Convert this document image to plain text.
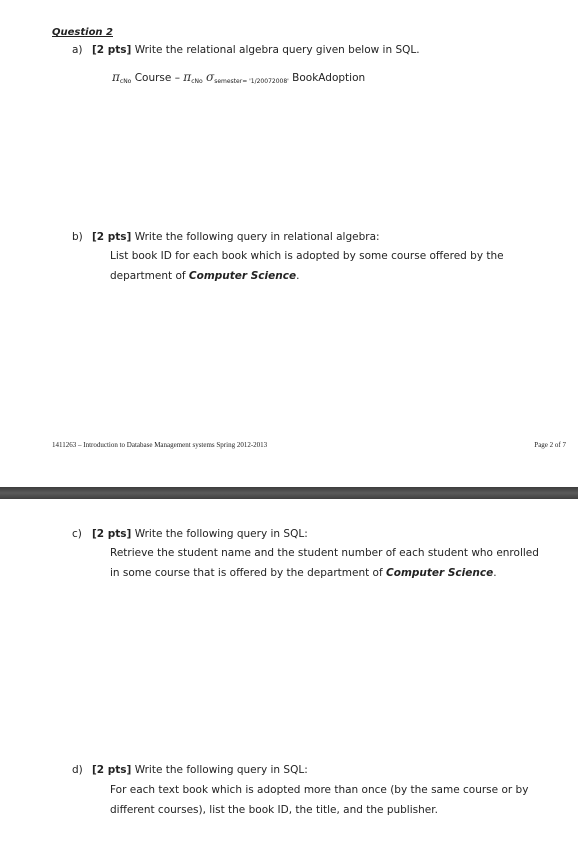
Question 2
a) [2 pts] Write the relational algebra query given below in SQL.
$\pi_{cNo}$ Course – $\pi_{cNo}$ $\sigma_{semester= '1/20072008'}$ BookAdoption
b) [2 pts] Write the following query in relational algebra:
List book ID for each book which is adopted by some course offered by the
department of Computer Science.
1411263 – Introduction to Database Management systems Spring 2012-2013	Page 2 of 7
c) [2 pts] Write the following query in SQL:
Retrieve the student name and the student number of each student who enrolled
in some course that is offered by the department of Computer Science.
d) [2 pts] Write the following query in SQL:
For each text book which is adopted more than once (by the same course or by
different courses), list the book ID, the title, and the publisher.
